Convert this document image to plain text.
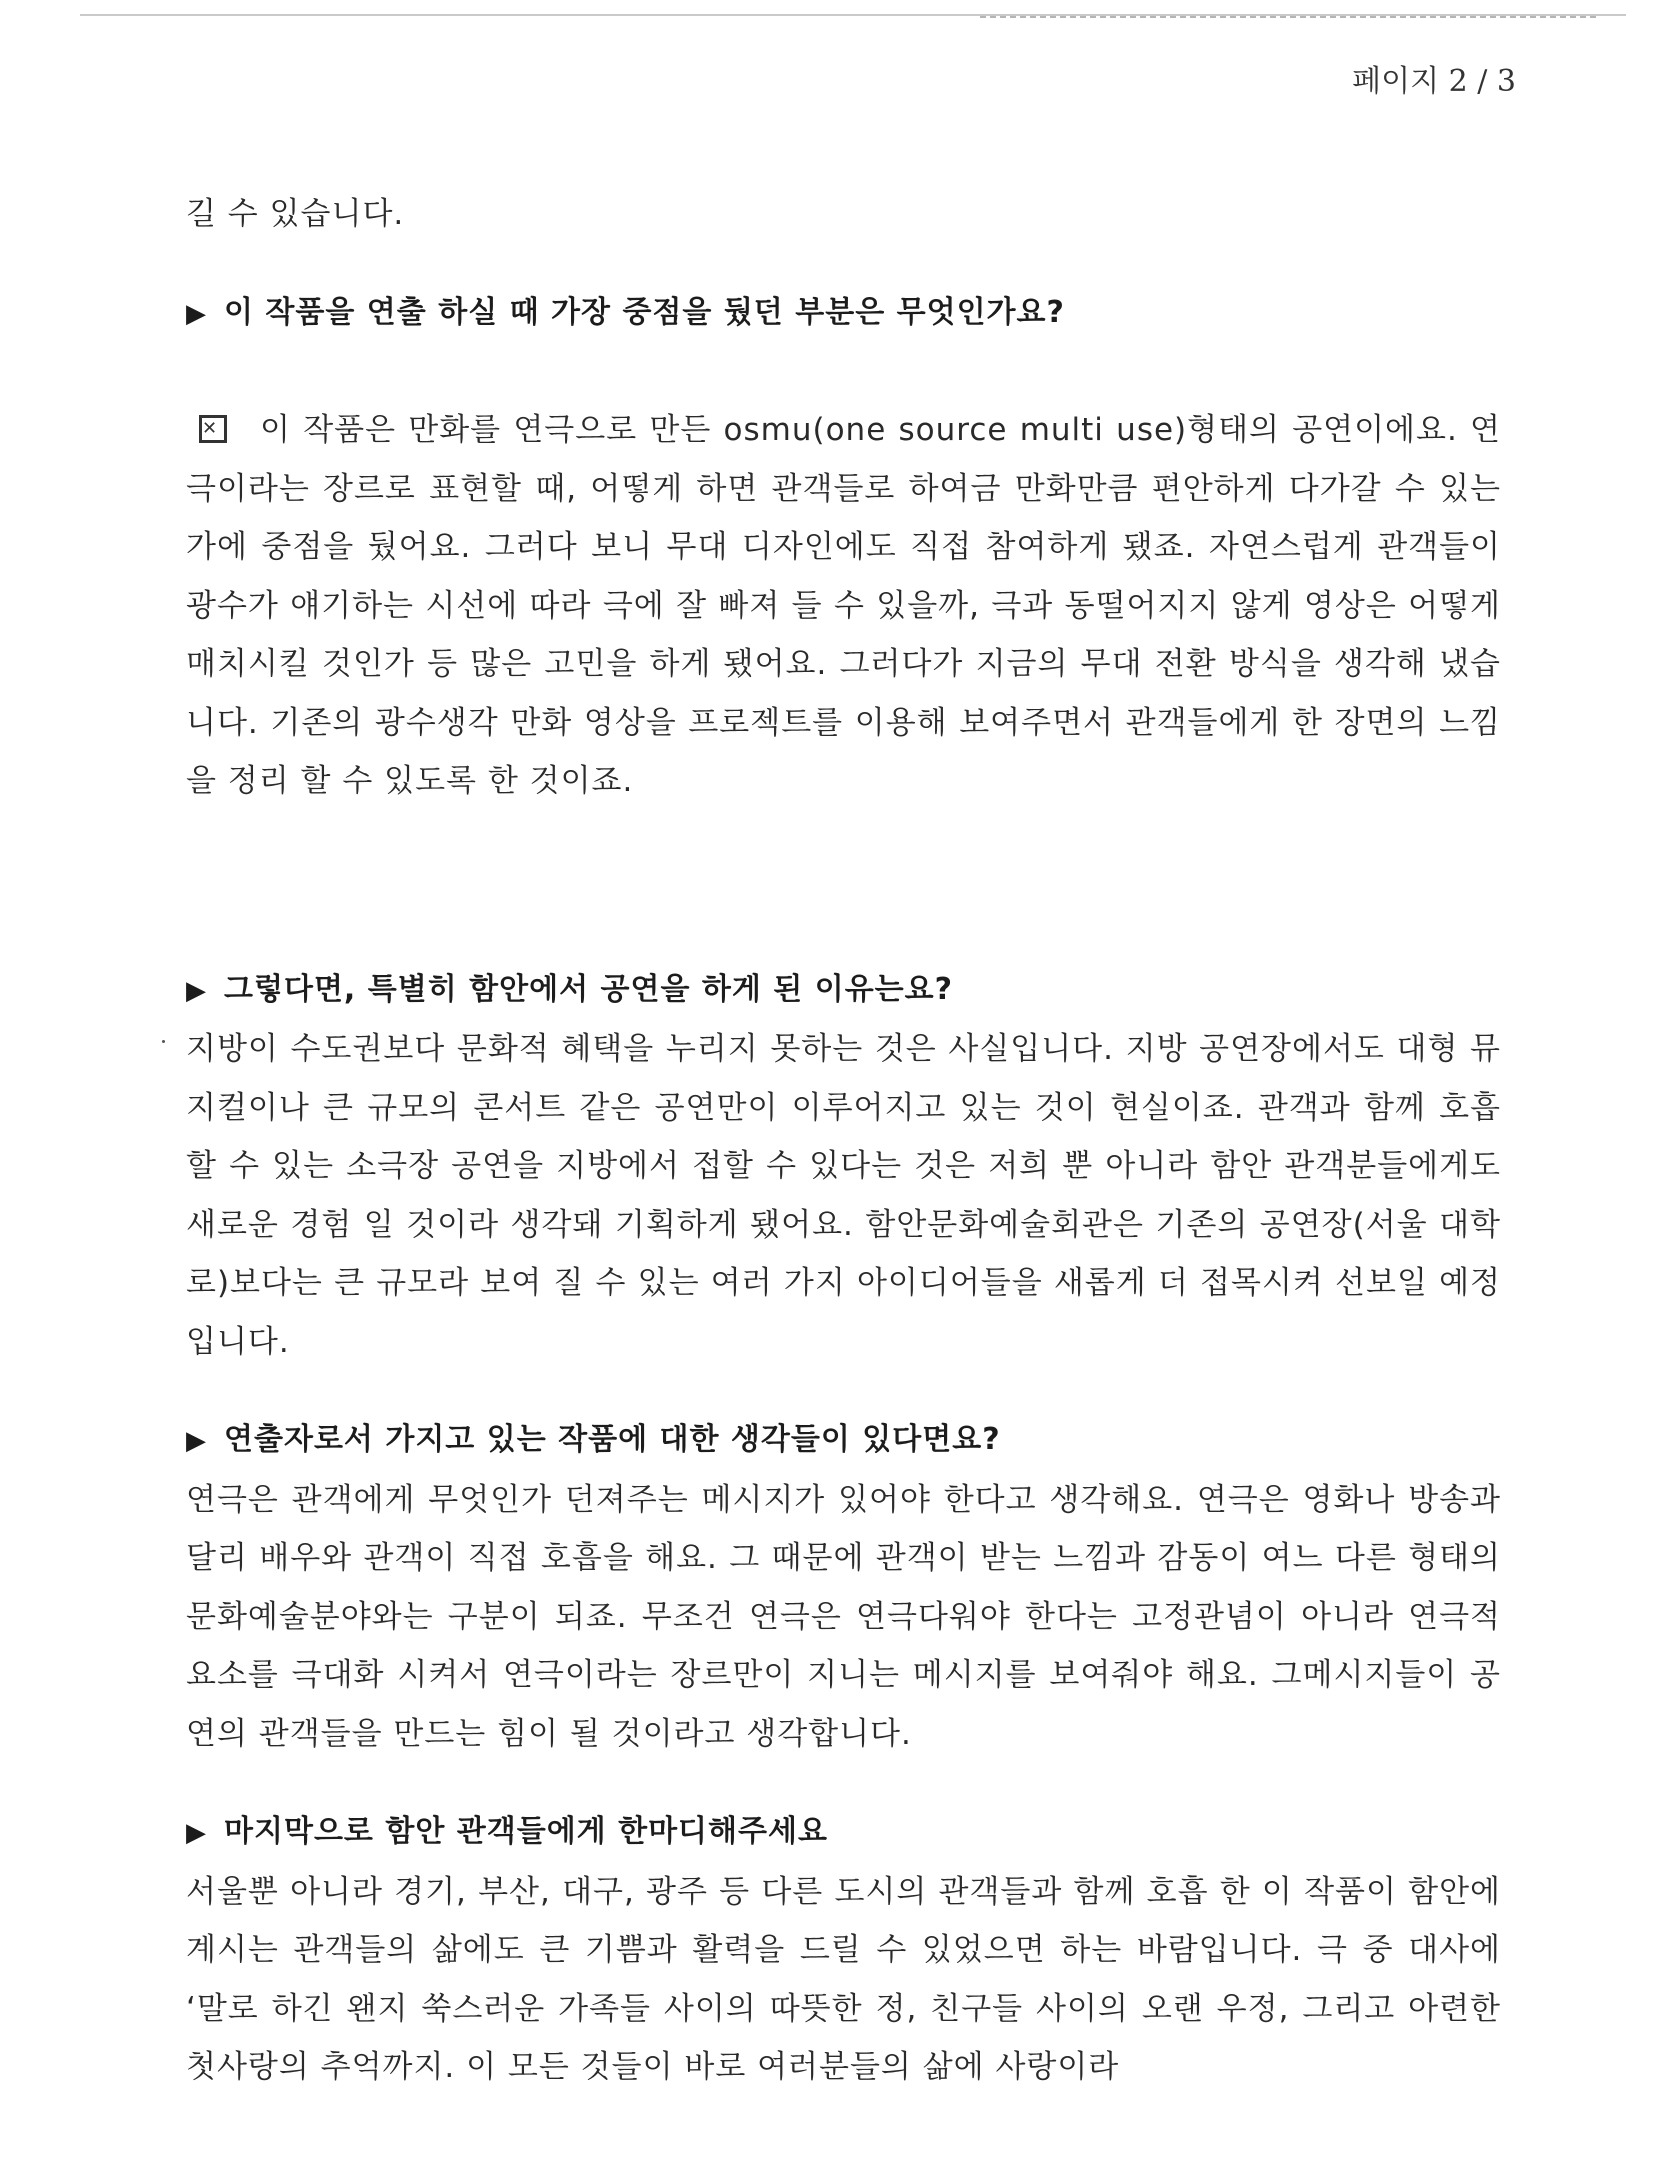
페이지 2 / 3

길 수 있습니다.

▶ 이 작품을 연출 하실 때 가장 중점을 뒀던 부분은 무엇인가요?

✕ 이 작품은 만화를 연극으로 만든 osmu(one source multi use)형태의 공연이에요. 연극이라는 장르로 표현할 때, 어떻게 하면 관객들로 하여금 만화만큼 편안하게 다가갈 수 있는가에 중점을 뒀어요. 그러다 보니 무대 디자인에도 직접 참여하게 됐죠. 자연스럽게 관객들이 광수가 얘기하는 시선에 따라 극에 잘 빠져 들 수 있을까, 극과 동떨어지지 않게 영상은 어떻게 매치시킬 것인가 등 많은 고민을 하게 됐어요. 그러다가 지금의 무대 전환 방식을 생각해 냈습니다. 기존의 광수생각 만화 영상을 프로젝트를 이용해 보여주면서 관객들에게 한 장면의 느낌을 정리 할 수 있도록 한 것이죠.

▶ 그렇다면, 특별히 함안에서 공연을 하게 된 이유는요?

지방이 수도권보다 문화적 혜택을 누리지 못하는 것은 사실입니다. 지방 공연장에서도 대형 뮤지컬이나 큰 규모의 콘서트 같은 공연만이 이루어지고 있는 것이 현실이죠. 관객과 함께 호흡할 수 있는 소극장 공연을 지방에서 접할 수 있다는 것은 저희 뿐 아니라 함안 관객분들에게도 새로운 경험 일 것이라 생각돼 기획하게 됐어요. 함안문화예술회관은 기존의 공연장(서울 대학로)보다는 큰 규모라 보여 질 수 있는 여러 가지 아이디어들을 새롭게 더 접목시켜 선보일 예정입니다.

▶ 연출자로서 가지고 있는 작품에 대한 생각들이 있다면요?

연극은 관객에게 무엇인가 던져주는 메시지가 있어야 한다고 생각해요. 연극은 영화나 방송과 달리 배우와 관객이 직접 호흡을 해요. 그 때문에 관객이 받는 느낌과 감동이 여느 다른 형태의 문화예술분야와는 구분이 되죠. 무조건 연극은 연극다워야 한다는 고정관념이 아니라 연극적 요소를 극대화 시켜서 연극이라는 장르만이 지니는 메시지를 보여줘야 해요. 그메시지들이 공연의 관객들을 만드는 힘이 될 것이라고 생각합니다.

▶ 마지막으로 함안 관객들에게 한마디해주세요

서울뿐 아니라 경기, 부산, 대구, 광주 등 다른 도시의 관객들과 함께 호흡 한 이 작품이 함안에 계시는 관객들의 삶에도 큰 기쁨과 활력을 드릴 수 있었으면 하는 바람입니다. 극 중 대사에 ‘말로 하긴 왠지 쑥스러운 가족들 사이의 따뜻한 정, 친구들 사이의 오랜 우정, 그리고 아련한 첫사랑의 추억까지. 이 모든 것들이 바로 여러분들의 삶에 사랑이라
